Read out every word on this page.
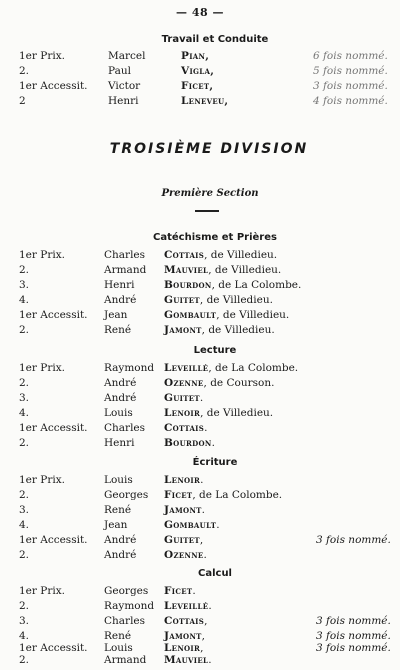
— 48 —
Travail et Conduite
1er Prix.	Marcel	Pian,	6 fois nommé.
2.	Paul	Vigla,	5 fois nommé.
1er Accessit. Victor	Ficet,	3 fois nommé.
2	Henri	Leneveu,	4 fois nommé.
TROISIÈME DIVISION
Première Section
Catéchisme et Prières
1er Prix.	Charles Cottais, de Villedieu.
2.	Armand Mauviel, de Villedieu.
3.	Henri	Bourdon, de La Colombe.
4.	André	Guitet, de Villedieu.
1er Accessit. Jean	Gombault, de Villedieu.
2.	René	Jamont, de Villedieu.
Lecture
1er Prix.	Raymond Leveillé, de La Colombe.
2.	André	Ozenne, de Courson.
3.	André	Guitet.
4.	Louis	Lenoir, de Villedieu.
1er Accessit. Charles Cottais.
2.	Henri	Bourdon.
Écriture
1er Prix.	Louis	Lenoir.
2.	Georges Ficet, de La Colombe.
3.	René	Jamont.
4.	Jean	Gombault.
1er Accessit. André	Guitet,	3 fois nommé.
2.	André	Ozenne.
Calcul
1er Prix.	Georges Ficet.
2.	Raymond Leveillé.
3.	Charles Cottais,	3 fois nommé.
4.	René	Jamont,	3 fois nommé.
1er Accessit. Louis	Lenoir,	3 fois nommé.
2.	Armand Mauviel.
